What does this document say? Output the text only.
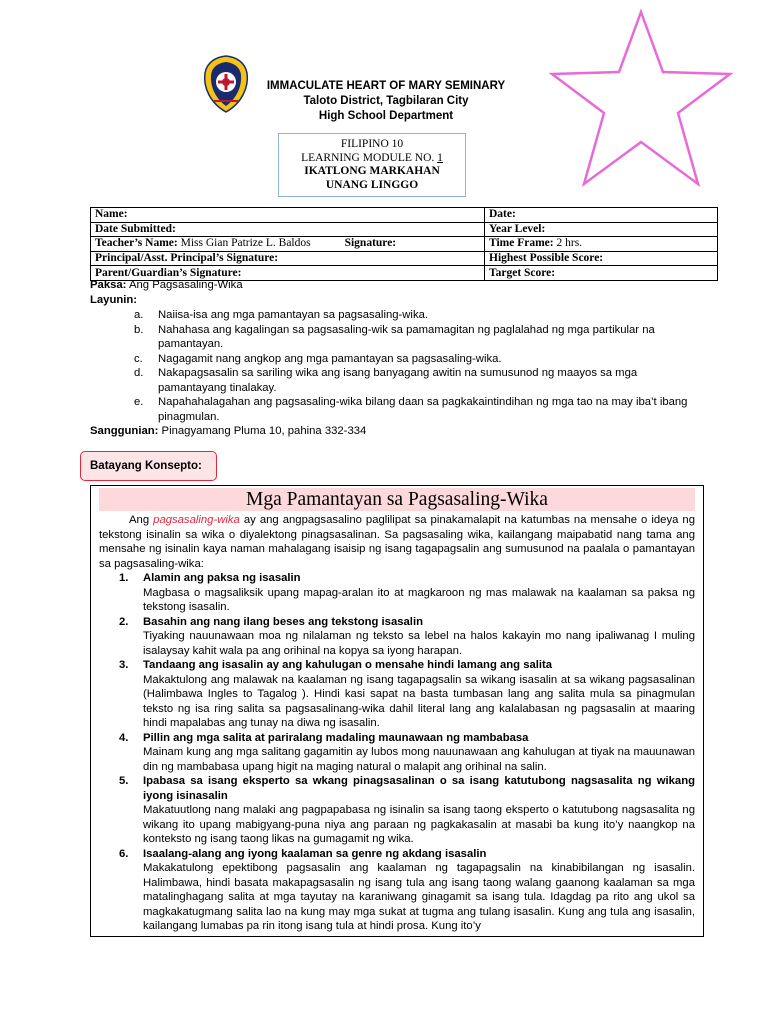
IMMACULATE HEART OF MARY SEMINARY
Taloto District, Tagbilaran City
High School Department
FILIPINO 10
LEARNING MODULE NO. 1
IKATLONG MARKAHAN
UNANG LINGGO
Name:	Date:
Date Submitted:	Year Level:
Teacher’s Name: Miss Gian Patrize L. Baldos Signature:	Time Frame: 2 hrs.
Principal/Asst. Principal’s Signature:	Highest Possible Score:
Parent/Guardian’s Signature:	Target Score:
Paksa: Ang Pagsasaling-Wika
Layunin:
a. Naiisa-isa ang mga pamantayan sa pagsasaling-wika.
b. Nahahasa ang kagalingan sa pagsasaling-wik sa pamamagitan ng paglalahad ng mga partikular na pamantayan.
c. Nagagamit nang angkop ang mga pamantayan sa pagsasaling-wika.
d. Nakapagsasalin sa sariling wika ang isang banyagang awitin na sumusunod ng maayos sa mga pamantayang tinalakay.
e. Napahahalagahan ang pagsasaling-wika bilang daan sa pagkakaintindihan ng mga tao na may iba’t ibang pinagmulan.
Sanggunian: Pinagyamang Pluma 10, pahina 332-334
Batayang Konsepto:
Mga Pamantayan sa Pagsasaling-Wika

Ang pagsasaling-wika ay ang angpagsasalino paglilipat sa pinakamalapit na katumbas na mensahe o ideya ng tekstong isinalin sa wika o diyalektong pinagsasalinan. Sa pagsasaling wika, kailangang maipabatid nang tama ang mensahe ng isinalin kaya naman mahalagang isaisip ng isang tagapagsalin ang sumusunod na paalala o pamantayan sa pagsasaling-wika:

1. Alamin ang paksa ng isasalin
Magbasa o magsaliksik upang mapag-aralan ito at magkaroon ng mas malawak na kaalaman sa paksa ng tekstong isasalin.
2. Basahin ang nang ilang beses ang tekstong isasalin
Tiyaking nauunawaan moa ng nilalaman ng teksto sa lebel na halos kakayin mo nang ipaliwanag I muling isalaysay kahit wala pa ang orihinal na kopya sa iyong harapan.
3. Tandaang ang isasalin ay ang kahulugan o mensahe hindi lamang ang salita
Makaktulong ang malawak na kaalaman ng isang tagapagsalin sa wikang isasalin at sa wikang pagsasalinan (Halimbawa Ingles to Tagalog ). Hindi kasi sapat na basta tumbasan lang ang salita mula sa pinagmulan teksto ng isa ring salita sa pagsasalinang-wika dahil literal lang ang kalalabasan ng pagsasalin at maaring hindi mapalabas ang tunay na diwa ng isasalin.
4. Pillin ang mga salita at pariralang madaling maunawaan ng mambabasa
Mainam kung ang mga salitang gagamitin ay lubos mong nauunawaan ang kahulugan at tiyak na mauunawan din ng mambabasa upang higit na maging natural o malapit ang orihinal na salin.
5. Ipabasa sa isang eksperto sa wkang pinagsasalinan o sa isang katutubong nagsasalita ng wikang iyong isinasalin
Makatuutlong nang malaki ang pagpapabasa ng isinalin sa isang taong eksperto o katutubong nagsasalita ng wikang ito upang mabigyang-puna niya ang paraan ng pagkakasalin at masabi ba kung ito’y naangkop na konteksto ng isang taong likas na gumagamit ng wika.
6. Isaalang-alang ang iyong kaalaman sa genre ng akdang isasalin
Makakatulong epektibong pagsasalin ang kaalaman ng tagapagsalin na kinabibilangan ng isasalin. Halimbawa, hindi basata makapagsasalin ng isang tula ang isang taong walang gaanong kaalaman sa mga matalinghagang salita at mga tayutay na karaniwang ginagamit sa isang tula. Idagdag pa rito ang ukol sa magkakatugmang salita lao na kung may mga sukat at tugma ang tulang isasalin. Kung ang tula ang isasalin, kailangang lumabas pa rin itong isang tula at hindi prosa. Kung ito’y
